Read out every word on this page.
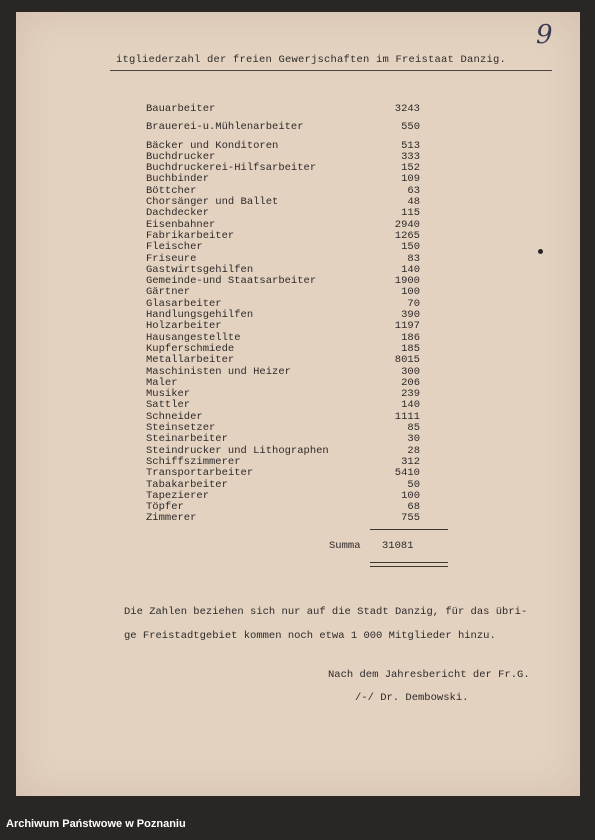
9
itgliederzahl der freien Gewerjschaften im Freistaat Danzig.
Bauarbeiter	3243
Brauerei-u.Mühlenarbeiter	550
Bäcker und Konditoren	513
Buchdrucker	333
Buchdruckerei-Hilfsarbeiter	152
Buchbinder	109
Böttcher	63
Chorsänger und Ballet	48
Dachdecker	115
Eisenbahner	2940
Fabrikarbeiter	1265
Fleischer	150
Friseure	83
Gastwirtsgehilfen	140
Gemeinde-und Staatsarbeiter	1900
Gärtner	100
Glasarbeiter	70
Handlungsgehilfen	390
Holzarbeiter	1197
Hausangestellte	186
Kupferschmiede	185
Metallarbeiter	8015
Maschinisten und Heizer	300
Maler	206
Musiker	239
Sattler	140
Schneider	1111
Steinsetzer	85
Steinarbeiter	30
Steindrucker und Lithographen	28
Schiffszimmerer	312
Transportarbeiter	5410
Tabakarbeiter	50
Tapezierer	100
Töpfer	68
Zimmerer	755
Summa 31081
Die Zahlen beziehen sich nur auf die Stadt Danzig, für das übri-
ge Freistadtgebiet kommen noch etwa 1 000 Mitglieder hinzu.
Nach dem Jahresbericht der Fr.G.
/-/ Dr. Dembowski.
Archiwum Państwowe w Poznaniu
